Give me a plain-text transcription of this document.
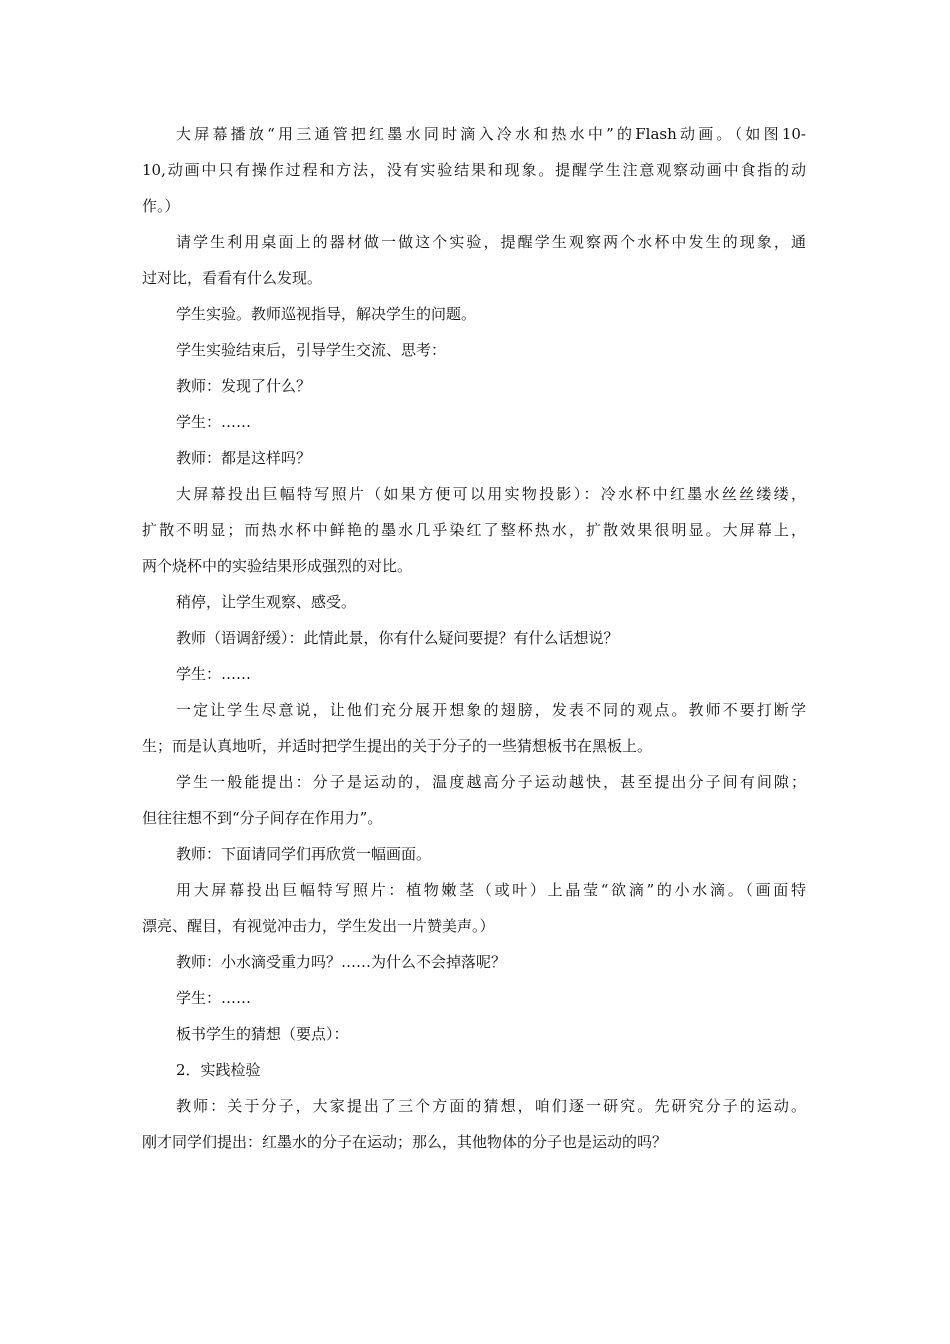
大屏幕播放“用三通管把红墨水同时滴入冷水和热水中”的Flash动画。（如图10-
10,动画中只有操作过程和方法，没有实验结果和现象。提醒学生注意观察动画中食指的动
作。）

请学生利用桌面上的器材做一做这个实验，提醒学生观察两个水杯中发生的现象，通
过对比，看看有什么发现。

学生实验。教师巡视指导，解决学生的问题。

学生实验结束后，引导学生交流、思考：

教师：发现了什么？

学生：……

教师：都是这样吗？

大屏幕投出巨幅特写照片（如果方便可以用实物投影）：冷水杯中红墨水丝丝缕缕，
扩散不明显；而热水杯中鲜艳的墨水几乎染红了整杯热水，扩散效果很明显。大屏幕上，
两个烧杯中的实验结果形成强烈的对比。

稍停，让学生观察、感受。

教师（语调舒缓）：此情此景，你有什么疑问要提？有什么话想说？

学生：……

一定让学生尽意说，让他们充分展开想象的翅膀，发表不同的观点。教师不要打断学
生；而是认真地听，并适时把学生提出的关于分子的一些猜想板书在黑板上。

学生一般能提出：分子是运动的，温度越高分子运动越快，甚至提出分子间有间隙；
但往往想不到“分子间存在作用力”。

教师：下面请同学们再欣赏一幅画面。

用大屏幕投出巨幅特写照片：植物嫩茎（或叶）上晶莹“欲滴”的小水滴。（画面特
漂亮、醒目，有视觉冲击力，学生发出一片赞美声。）

教师：小水滴受重力吗？……为什么不会掉落呢？

学生：……

板书学生的猜想（要点）：

2．实践检验

教师：关于分子，大家提出了三个方面的猜想，咱们逐一研究。先研究分子的运动。
刚才同学们提出：红墨水的分子在运动；那么，其他物体的分子也是运动的吗？
